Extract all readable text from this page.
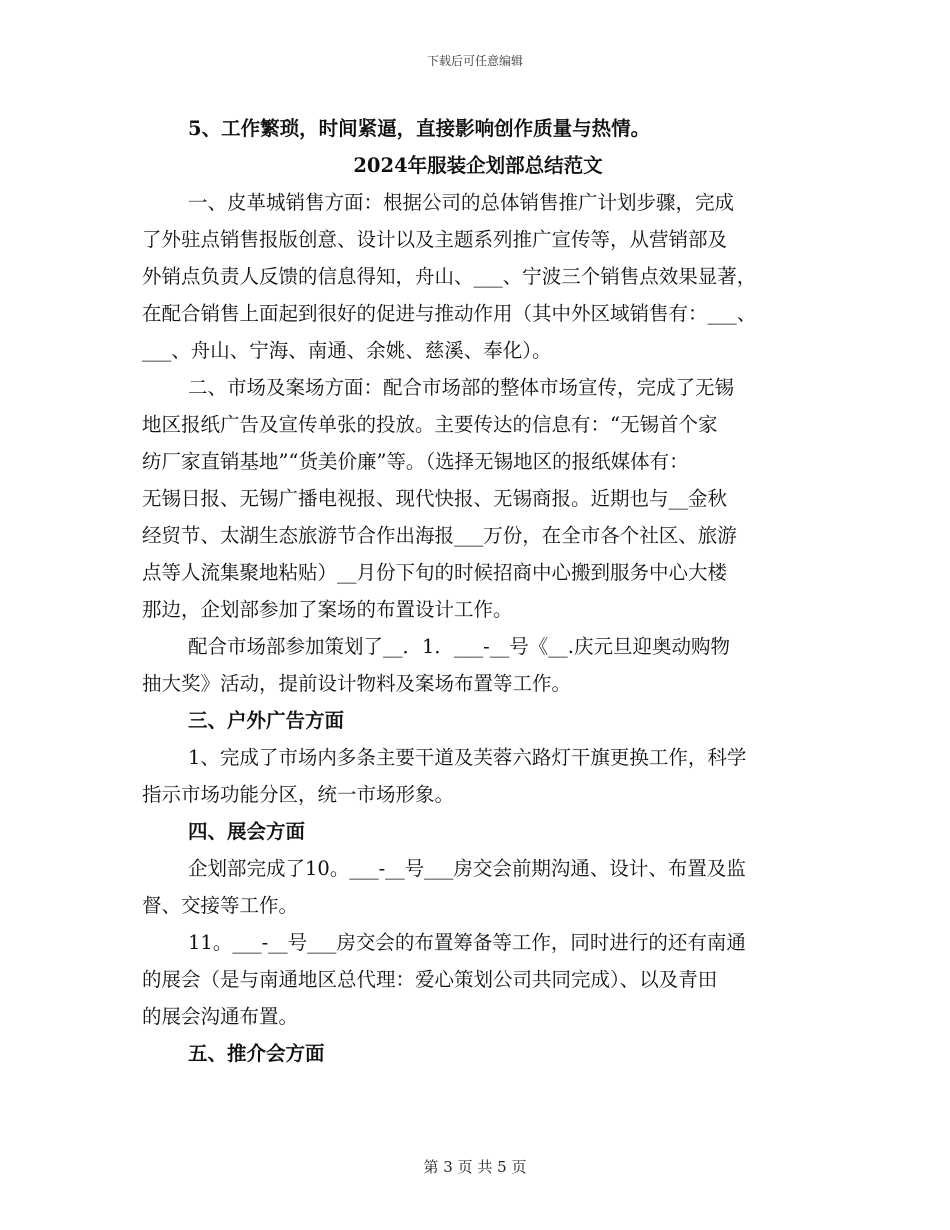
下载后可任意编辑
5、工作繁琐，时间紧逼，直接影响创作质量与热情。
2024年服装企划部总结范文
一、皮革城销售方面：根据公司的总体销售推广计划步骤，完成
了外驻点销售报版创意、设计以及主题系列推广宣传等，从营销部及
外销点负责人反馈的信息得知，舟山、___、宁波三个销售点效果显著，
在配合销售上面起到很好的促进与推动作用（其中外区域销售有：___、
___、舟山、宁海、南通、余姚、慈溪、奉化）。
二、市场及案场方面：配合市场部的整体市场宣传，完成了无锡
地区报纸广告及宣传单张的投放。主要传达的信息有：“无锡首个家
纺厂家直销基地”“货美价廉”等。（选择无锡地区的报纸媒体有：
无锡日报、无锡广播电视报、现代快报、无锡商报。近期也与__金秋
经贸节、太湖生态旅游节合作出海报___万份，在全市各个社区、旅游
点等人流集聚地粘贴）__月份下旬的时候招商中心搬到服务中心大楼
那边，企划部参加了案场的布置设计工作。
配合市场部参加策划了__．1．___-__号《__.庆元旦迎奥动购物
抽大奖》活动，提前设计物料及案场布置等工作。
三、户外广告方面
1、完成了市场内多条主要干道及芙蓉六路灯干旗更换工作，科学
指示市场功能分区，统一市场形象。
四、展会方面
企划部完成了10。___-__号___房交会前期沟通、设计、布置及监
督、交接等工作。
11。___-__号___房交会的布置筹备等工作，同时进行的还有南通
的展会（是与南通地区总代理：爱心策划公司共同完成）、以及青田
的展会沟通布置。
五、推介会方面
第 3 页 共 5 页
